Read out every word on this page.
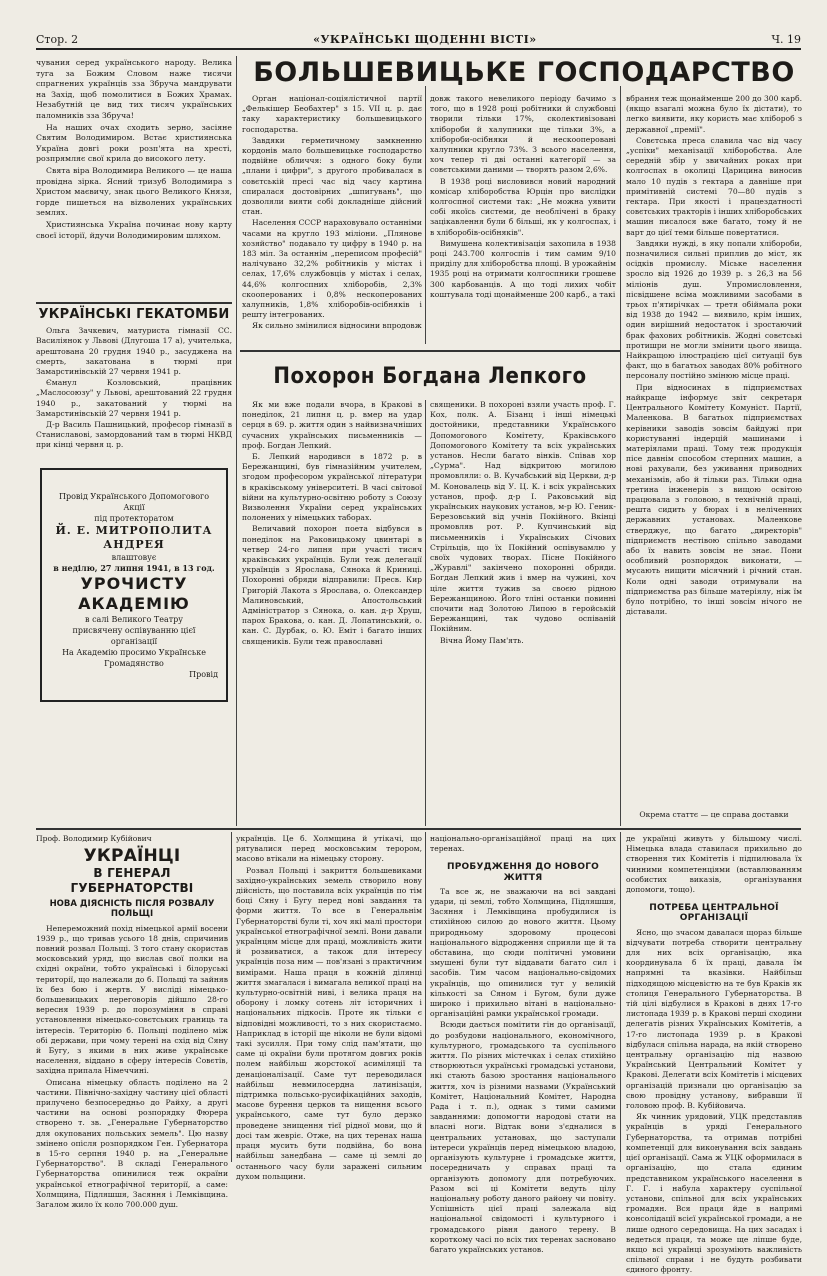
Стор. 2	«УКРАЇНСЬКІ ЩОДЕННІ ВІСТІ»	Ч. 19

чувания серед українського народу. Велика туга за Божим Словом наже тисячи спрагнених українців зза Збруча мандрувати на Захід, щоб помолитися в Божих Храмах. Незабутній це вид тих тисяч українських паломників зза Збруча!

На наших очах сходить зерно, засіяне Святим Володимиром. Встає християнська Україна довгі роки розп'ята на хресті, розпрямляє свої крила до високого лету.

Свята віра Володимира Великого — це наша провідна зірка. Ясний тризуб Володимира з Христом маєвичу, знак цього Великого Князя, горде пишеться на вizволених українських землях.

Християнська Україна починає нову карту своєї історії, йдучи Володимировим шляхом.

УКРАЇНСЬКІ ГЕКАТОМБИ

Ольга Зачкевич, матуриста гімназії СС. Василіянок у Львові (Длугоша 17 а), учителька, арештована 20 грудня 1940 р., засуджена на смерть, закатована в тюрмі при Замарстинівській 27 червня 1941 р.

Єманул Козловський, працівник „Маслосоюзу" у Львові, арештований 22 грудня 1940 р., закатований у тюрмі на Замарстинівській 27 червня 1941 р.

Д-р Василь Пашницький, професор гімназії в Станиславові, замордований там в тюрмі НКВД при кінці червня ц. р.

Провід Українського Допомогового Акції
під протекторатом
Й. Е. МИТРОПОЛИТА АНДРЕЯ
влаштовує
в неділю, 27 липня 1941, в 13 год.
УРОЧИСТУ
АКАДЕМІЮ
в салі Великого Театру
присвячену оспівуванню цієї організації
На Академію просимо Українське Громадянство
Провід
БОЛЬШЕВИЦЬКЕ ГОСПОДАРСТВО

Орган націонал-соціялістичної партії „Фелькішер Беобахтер" з 15. VII ц. р. дає таку характеристику большевицького господарства.

Завдяки герметичному замкненню кордонів мало большевицьке господарство подвійне обличчя: з одного боку були „плани і цифри", з другого пробивалася в совєтській пресі час від часу картина спиралася достовірних „шпигувань", що дозволяли вияти собі докладніше дійсний стан.

Населення СССР нараховувало останніми часами на кругло 193 міліони. „Плянове хозяйство" подавало ту цифру в 1940 р. на 183 міл. За останнім „переписом професій" налічувано 32,2% робітників у містах і селах, 17,6% службовців у містах і селах, 44,6% колгоспних хліборобів, 2,3% скооперованих і 0,8% нескоперованих халупників, 1,8% хліборобів-осібняків і решту інтегрованих.

Як сильно змінилися відносини впродовж

довж такого невеликого періоду бачимо з того, що в 1928 році робітники й службовці творили тільки 17%, сколективізовані хлібороби й халупники ще тільки 3%, а хлібороби-осібняки й нескооперовані халупники кругло 73%. З всього населення, хоч тепер ті дві останні категорії — за совєтськими даними — творять разом 2,6%.

В 1938 році висловився новий народний комісар хліборобства Юрцін про вислідки колгоспної системи так: „Не можна уявити собі якоїсь системи, де необлічені в браку зацікавлення були б більші, як у колгоспах, і в хліборобів-осібняків".

Вимушена колективізація захопила в 1938 році 243.700 колгоспів і тим самим 9/10 приділу для хліборобства площі. В урожайнім 1935 році на отримати колгоспники грошеве 300 карбованців. А що тоді лихих чобіт коштувала тоді щонайменше 200 карб., а такі

вбрання теж щонайменше 200 до 300 карб. (якщо взагалі можна було їх дістати), то легко виявити, яку користь має хлібороб з державної „премії".

Совєтська преса славила час від часу „успіхи" механізації хліборобства. Але середній збір у звичайних роках при колгоспах в околиці Царицина виносив мало 10 пудів з гектара а давніше при примітивній системі 70—80 пудів з гектара. При якості і працездатності совєтських тракторів і інших хліборобських машин писалося вже багато, тому й не варт до цієї теми більше повертатися.

Завдяки нужді, в яку попали хлібороби, позначилися сильні приплив до міст, як осідків промислу. Міське населення зросло від 1926 до 1939 р. з 26,3 на 56 міліонів душ. Упромисловлення, пісвідшене всіма можливими засобами в трьох п'ятирічках — третя обіймала роки від 1938 до 1942 — виявило, крім інших, один вирішний недостаток і зростаючий брак фахових робітників. Жодні совєтські протишри не могли змінити цього явища. Найкращою ілюстрацією цієї ситуації був факт, що в багатьох заводах 80% робітного персоналу постійно змінюю місце праці.

При відносинах в підприємствах найкраще інформує звіт секретаря Центрального Комітету Комуніст. Партії, Маленкова. В багатьох підприємствах керівники заводів зовсім байдужі при користуванні індерцій машинами і матеріялами праці. Тому теж продукція пісе давнім способом стерпних машин, а нові рахували, без уживання приводних механізмів, або й тільки раз. Тільки одна третина інженерів з вищою освітою працювала з головою, в технічній праці, решта сидить у бюрах і в неліченних державних установах. Маленкове стверджує, що багато „директорів" підприємств нестівою спільно заводами або їх навить зовсім не знає. Пони особливий розпорядок виконати, — мусають нищити місячний і річний стан. Коли одні заводи отримували на підприємства раз більше матеріялу, ніж їм було потрібно, то інші зовсім нічого не діставали.

Окрема статтє — це справа доставки
Похорон Богдана Лепкого

Як ми вже подали вчора, в Кракові в понеділок, 21 липня ц. р. вмер на удар серця в 69. р. життя один з найвизначніших сучасних українських письменників — проф. Богдан Лепкий.

Б. Лепкий народився в 1872 р. в Бережанщині, був гімназійним учителем, згодом професором української літератури в краківському університеті. В часі світової війни на культурно-освітню роботу з Союзу Визволення України серед українських полонених у німецьких таборах.

Величавий похорон поета відбувся в понеділок на Раковицькому цвинтарі в четвер 24-го липня при участі тисяч краківських українців. Були теж делегації українців з Ярослава, Сянока й Криниці. Похоронні обряди відправили: Пресв. Кир Григорій Лакота з Ярослава, о. Олександер Малиновський, Апостольський Адміністратор з Сянока, о. кан. д-р Хруш, парох Бракова, о. кан. Д. Лопатинський, о. кан. С. Дурбак, о. Ю. Еміт і багато інших священиків. Були теж православні

священики. В похороні взяли участь проф. Г. Кох, полк. А. Бізанц і інші німецькі достойники, представники Українського Допомогового Комітету, Краківського Допомогового Комітету та всіх українських установ. Несли багато вінків. Співав хор „Сурма". Над відкритою могилою промовляли: о. В. Кучабський від Церкви, д-р М. Коновалець від У. Ц. К. і всіх українських установ, проф. д-р І. Раковський від українських наукових установ, м-р Ю. Геник-Березовський від учнів Покійного. Вкінці промовляв рот. Р. Купчинський від письменників і Українських Січових Стрільців, що їх Покійний оспівувамлю у своїх чудових творах. Пісне Покійного „Журавлі" закінчено похоронні обряди. Богдан Лепкий жив і вмер на чужині, хоч ціле життя тужив за своєю рідною Бережанщиною. Його тліні останки повинні спочити над Золотою Липою в геройській Бережанщині, так чудово оспіваній Покійним.

Вічна Йому Пам'ять.

Проф. Володимир Кубійович
УКРАЇНЦІ
В ГЕНЕРАЛ ГУБЕРНАТОРСТВІ
НОВА ДІЯСНІСТЬ ПІСЛЯ РОЗВАЛУ
ПОЛЬЩІ

Непереможний похід німецької армії восени 1939 р., що тривав усього 18 днів, спричинив повний розвал Польщі. З того стану скористав московський уряд, що вислав свої полки на східні окраїни, тобто українські і білоруські території, що належали до б. Польщі та зайняв їх без бою і жертв. У висліді німецько-большевицьких переговорів дійшло 28-го вересня 1939 р. до порозуміння в справі установлення німецько-совєтських границь та інтересів. Територію б. Польщі поділено між обі держави, при чому терені на схід від Сяну й Бугу, з якими в них живе українське населення, віддано в сферу інтересів Совєтів, західна припала Німеччині.

Описана німецьку область поділено на 2 частини. Північно-західну частину цієї області прилучено безпосередньо до Райху, а другі частини на основі розпорядку Фюрера створено т. зв. „Генеральне Губернаторство для окупованих польських земель". Цю назву змінено опісля розпорядком Ген. Губернатора в 15-го серпня 1940 р. на „Генеральне Губернаторство". В складі Генерального Губернаторства опинилися теж окраїни української етнографічної території, а саме: Холмщина, Підляшшя, Засяння і Лемківщина. Загалом жило їх коло 700.000 душ.

українців. Це б. Холмщина й утікачі, що рятувалися перед московським терором, масово втікали на німецьку сторону.

Розвал Польщі і закриття большевиками західно-українських земель створило нову дійсність, що поставила всіх українців по тім боці Сяну і Бугу перед нові завдання та форми життя. То все в Генеральнім Губернаторстві були ті, хоч які малі простори української етнографічної землі. Вони давали українцям місце для праці, можливість жити й розвиватися, а також для інтересу українців поза ним — пов'язані з практичним вимірами. Наша праця в кожній ділянці життя змагалася і вимагала великої праці на культурно-освітній ниві, і велика праця на оборону і ломку сотень літ історичних і національних підкосів. Проте як тільки є відповідні можливості, то з них скористаємо. Наприклад в історії ще ніколи не були відомі такі зусилля. При тому слід пам'ятати, що саме ці окраїни були протягом довгих років полем найбільш жорстокої асиміляції та денаціоналізації. Саме тут переводилася найбільш невмилосердна латинізація, підтримка польсько-русифікаційних заходів, масове бурення церков та нищення всього українського, саме тут було дерзко проведене знищення тієї рідної мови, що й досі там жевріє. Отже, на цих теренах наша праця мусить бути подвійна, бо вона найбільш занедбана — саме ці землі до останнього часу були заражені сильним духом польщини.

національно-організаційної праці на цих теренах.

ПРОБУДЖЕННЯ ДО НОВОГО ЖИТТЯ

Та все ж, не зважаючи на всі завдані удари, ці землі, тобто Холмщина, Підляшшя, Засяння і Лемківщина пробудилися із стихійною силою до нового життя. Цьому природньому здоровому процесові національного відродження сприяли ще й та обставина, що сюди політичні умовини змушені були тут віддавати багато сил і засобів. Тим часом національно-свідомих українців, що опинилися тут у великій кількості за Сяном і Бугом, були дуже широко і прихильно вітані в національно-організаційні рамки української громади.

Всюди дається помітити гін до організації, до розбудови національного, економічного, культурного, громадського та суспільного життя. По різних містечках і селах стихійно створюються українські громадські установи, які стають базою зростання національного життя, хоч із різними назвами (Український Комітет, Національний Комітет, Народна Рада і т. п.), однак з тими самими завданнями: допомогти народові стати на власні ноги. Відтак вони з'єдналися в центральних установах, що заступали інтереси українців перед німецькою владою, організують культурне і громадське життя, посередничать у справах праці та організують допомогу для потребуючих. Разом всі ці Комітети ведуть цілу національну роботу даного району чи повіту. Успішність цієї праці залежала від національної свідомості і культурного і громадського рівня даного терену. В короткому часі по всіх тих теренах засновано багато українських установ.

де українці живуть у більшому числі. Німецька влада ставилася прихильно до створення тих Комітетів і підпилювала їх чинними компетенціями (вставлюванням особистих виказів, організування допомоги, тощо).

ПОТРЕБА ЦЕНТРАЛЬНОЇ ОРГАНІЗАЦІЇ

Ясно, що зчасом давалася щораз більше відчувати потреба створити центральну для них всіх організацію, яка координувала б їх праці, давала їм напрямні та вказівки. Найбільш підходящою місцевістю на те був Краків як столиця Генерального Губернаторства. В тій цілі відбулися в Кракові в днях 17-го листопада 1939 р. в Кракові перші сходини делегатів різних Українських Комітетів, а 17-го листопада 1939 р. в Кракові відбулася спільна нарада, на якій створено центральну організацію під назвою Український Центральний Комітет у Кракові. Делегати всіх Комітетів і місцевих організацій признали цю організацію за свою провідну установу, вибравши її головою проф. В. Кубійовича.

Як чинник урядовий, УЦК представляв українців в уряді Генерального Губернаторства, та отримав потрібні компетенції для виконування всіх завдань цієї організації. Сама ж УЦК оформилася в організацію, що стала єдиним представником українського населення в Г. Г. і набула характеру суспільної установи, спільної для всіх українських громадян. Вся праця йде в напрямі консолідації всієї української громади, а не лише одного середовища. На цих засадах і ведеться праця, та може ще ліпше буде, якщо всі українці зрозуміють важливість спільної справи і не будуть розбивати єдиного фронту.
